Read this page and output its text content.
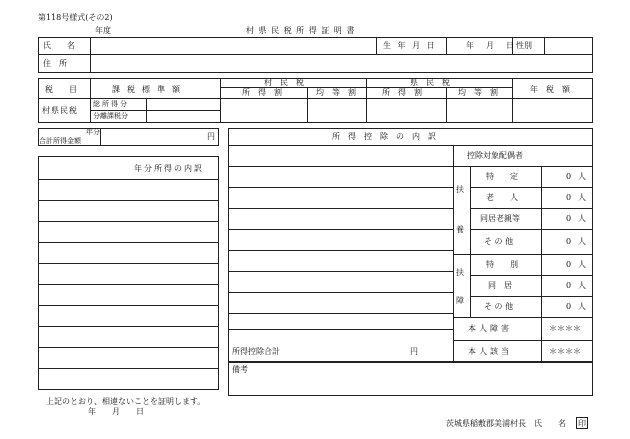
第118号様式(その2)
年度	村 県 民 税 所 得 証 明 書
氏　　名	生 年 月 日	年　月　日 性別
住　所
税　　目	課税標準額
村　民　税	県　民　税
所　得　割	均　等　割	所　得　割	均　等　割	年　税　額
村県民税
総所得分
分離課税分
年分
合計所得金額	円
年分所得の内訳
所　得　控　除　の　内　訳
所得控除合計	円
控除対象配偶者
扶
養
特　　定	0 人
老　　人	0 人
同居老親等	0 人
そ の 他	0 人
扶
障
特　　別	0 人
同　居	0 人
そ の 他	0 人
本人障害	＊＊＊＊
本人該当	＊＊＊＊
備考
上記のとおり、相違ないことを証明します。
年　　月　　日
茨城県稲敷郡美浦村長　氏　　名 印
